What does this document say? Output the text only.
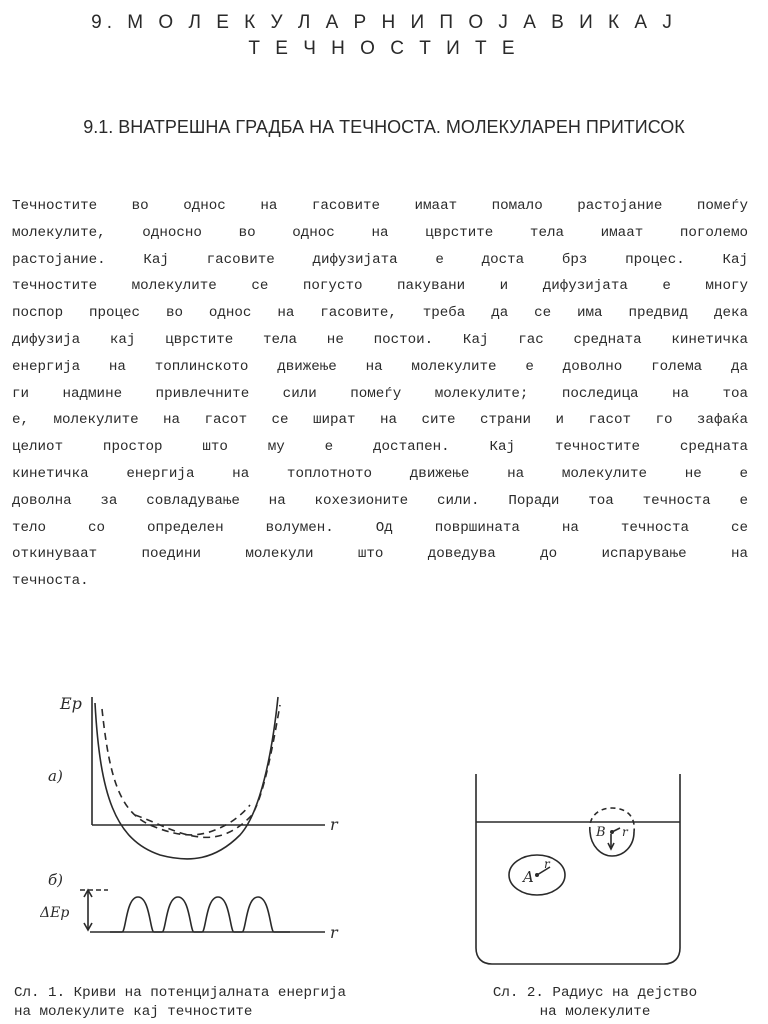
9. М О Л Е К У Л А Р Н И П О Ј А В И К А Ј
Т Е Ч Н О С Т И Т Е
9.1. ВНАТРЕШНА ГРАДБА НА ТЕЧНОСТА. МОЛЕКУЛАРЕН ПРИТИСОК
Течностите во однос на гасовите имаат помало растојание помеѓу
молекулите, односно во однос на цврстите тела имаат поголемо
растојание. Кај гасовите дифузијата е доста брз процес. Кај
течностите молекулите се погусто пакувани и дифузијата е многу
поспор процес во однос на гасовите, треба да се има предвид дека
дифузија кај цврстите тела не постои. Кај гас средната кинетичка
енергија на топлинското движење на молекулите е доволно голема да
ги надмине привлечните сили помеѓу молекулите; последица на тоа
е, молекулите на гасот се шират на сите страни и гасот го зафаќа
целиот простор што му е достапен. Кај течностите средната
кинетичка енергија на топлотното движење на молекулите не е
доволна за совладување на кохезионите сили. Поради тоа течноста е
тело со определен волумен. Од површината на течноста се
откинуваат поедини молекули што доведува до испарување на
течноста.
Ep
а)
r
б)
ΔEp
r
A
r
B r
Сл. 1. Криви на потенцијалната енергија
на молекулите кај течностите
Сл. 2. Радиус на дејство
на молекулите
